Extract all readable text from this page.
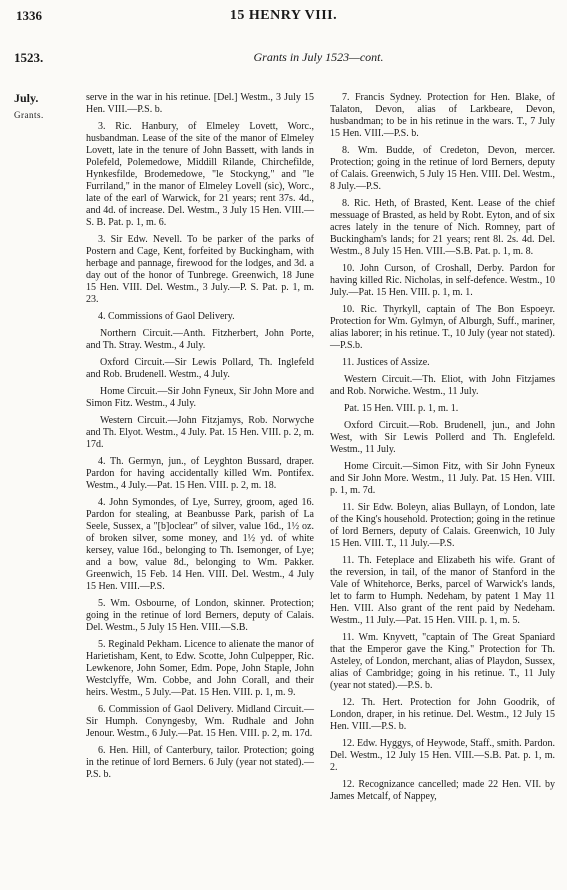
1336	15 HENRY VIII.
1523.	Grants in July 1523—cont.
July.
Grants.

serve in the war in his retinue. [Del.] Westm., 3 July 15 Hen. VIII.—P.S. b.

3. Ric. Hanbury, of Elmeley Lovett, Worc., husbandman. Lease of the site of the manor of Elmeley Lovett, late in the tenure of John Bassett, with lands in Polefeld, Polemedowe, Middill Rilande, Chirchefilde, Hynkesfilde, Brodemedowe, "le Stockyng," and "le Furriland," in the manor of Elmeley Lovell (sic), Worc., late of the earl of Warwick, for 21 years; rent 37s. 4d., and 4d. of increase. Del. Westm., 3 July 15 Hen. VIII.—S. B. Pat. p. 1, m. 6.

3. Sir Edw. Nevell. To be parker of the parks of Postern and Cage, Kent, forfeited by Buckingham, with herbage and pannage, firewood for the lodges, and 3d. a day out of the honor of Tunbrege. Greenwich, 18 June 15 Hen. VIII. Del. Westm., 3 July.—P. S. Pat. p. 1, m. 23.

4. Commissions of Gaol Delivery.

Northern Circuit.—Anth. Fitzherbert, John Porte, and Th. Stray. Westm., 4 July.

Oxford Circuit.—Sir Lewis Pollard, Th. Inglefeld and Rob. Brudenell. Westm., 4 July.

Home Circuit.—Sir John Fyneux, Sir John More and Simon Fitz. Westm., 4 July.

Western Circuit.—John Fitzjamys, Rob. Norwyche and Th. Elyot. Westm., 4 July. Pat. 15 Hen. VIII. p. 2, m. 17d.

4. Th. Germyn, jun., of Leyghton Bussard, draper. Pardon for having accidentally killed Wm. Pontifex. Westm., 4 July.—Pat. 15 Hen. VIII. p. 2, m. 18.

4. John Symondes, of Lye, Surrey, groom, aged 16. Pardon for stealing, at Beanbusse Park, parish of La Seele, Sussex, a "[b]oclear" of silver, value 16d., 1½ oz. of broken silver, some money, and 1½ yd. of white kersey, value 16d., belonging to Th. Isemonger, of Lye; and a bow, value 8d., belonging to Wm. Pakker. Greenwich, 15 Feb. 14 Hen. VIII. Del. Westm., 4 July 15 Hen. VIII.—P.S.

5. Wm. Osbourne, of London, skinner. Protection; going in the retinue of lord Berners, deputy of Calais. Del. Westm., 5 July 15 Hen. VIII.—S.B.

5. Reginald Pekham. Licence to alienate the manor of Harietisham, Kent, to Edw. Scotte, John Culpepper, Ric. Lewkenore, John Somer, Edm. Pope, John Staple, John Westclyffe, Wm. Cobbe, and John Corall, and their heirs. Westm., 5 July.—Pat. 15 Hen. VIII. p. 1, m. 9.

6. Commission of Gaol Delivery. Midland Circuit.—Sir Humph. Conyngesby, Wm. Rudhale and John Jenour. Westm., 6 July.—Pat. 15 Hen. VIII. p. 2, m. 17d.

6. Hen. Hill, of Canterbury, tailor. Protection; going in the retinue of lord Berners. 6 July (year not stated).—P.S. b.

7. Francis Sydney. Protection for Hen. Blake, of Talaton, Devon, alias of Larkbeare, Devon, husbandman; to be in his retinue in the wars. T., 7 July 15 Hen. VIII.—P.S. b.

8. Wm. Budde, of Credeton, Devon, mercer. Protection; going in the retinue of lord Berners, deputy of Calais. Greenwich, 5 July 15 Hen. VIII. Del. Westm., 8 July.—P.S.

8. Ric. Heth, of Brasted, Kent. Lease of the chief messuage of Brasted, as held by Robt. Eyton, and of six acres lately in the tenure of Nich. Romney, part of Buckingham's lands; for 21 years; rent 8l. 2s. 4d. Del. Westm., 8 July 15 Hen. VIII.—S.B. Pat. p. 1, m. 8.

10. John Curson, of Croshall, Derby. Pardon for having killed Ric. Nicholas, in self-defence. Westm., 10 July.—Pat. 15 Hen. VIII. p. 1, m. 1.

10. Ric. Thyrkyll, captain of The Bon Espoeyr. Protection for Wm. Gylmyn, of Alburgh, Suff., mariner, alias laborer; in his retinue. T., 10 July (year not stated).—P.S.b.

11. Justices of Assize.

Western Circuit.—Th. Eliot, with John Fitzjames and Rob. Norwiche. Westm., 11 July.

Pat. 15 Hen. VIII. p. 1, m. 1.

Oxford Circuit.—Rob. Brudenell, jun., and John West, with Sir Lewis Pollerd and Th. Englefeld. Westm., 11 July.

Home Circuit.—Simon Fitz, with Sir John Fyneux and Sir John More. Westm., 11 July. Pat. 15 Hen. VIII. p. 1, m. 7d.

11. Sir Edw. Boleyn, alias Bullayn, of London, late of the King's household. Protection; going in the retinue of lord Berners, deputy of Calais. Greenwich, 10 July 15 Hen. VIII. T., 11 July.—P.S.

11. Th. Feteplace and Elizabeth his wife. Grant of the reversion, in tail, of the manor of Stanford in the Vale of Whitehorce, Berks, parcel of Warwick's lands, let to farm to Humph. Nedeham, by patent 1 May 11 Hen. VIII. Also grant of the rent paid by Nedeham. Westm., 11 July.—Pat. 15 Hen. VIII. p. 1, m. 5.

11. Wm. Knyvett, "captain of The Great Spaniard that the Emperor gave the King." Protection for Th. Asteley, of London, merchant, alias of Playdon, Sussex, alias of Cambridge; going in his retinue. T., 11 July (year not stated).—P.S. b.

12. Th. Hert. Protection for John Goodrik, of London, draper, in his retinue. Del. Westm., 12 July 15 Hen. VIII.—P.S. b.

12. Edw. Hyggys, of Heywode, Staff., smith. Pardon. Del. Westm., 12 July 15 Hen. VIII.—S.B. Pat. p. 1, m. 2.

12. Recognizance cancelled; made 22 Hen. VII. by James Metcalf, of Nappey,
